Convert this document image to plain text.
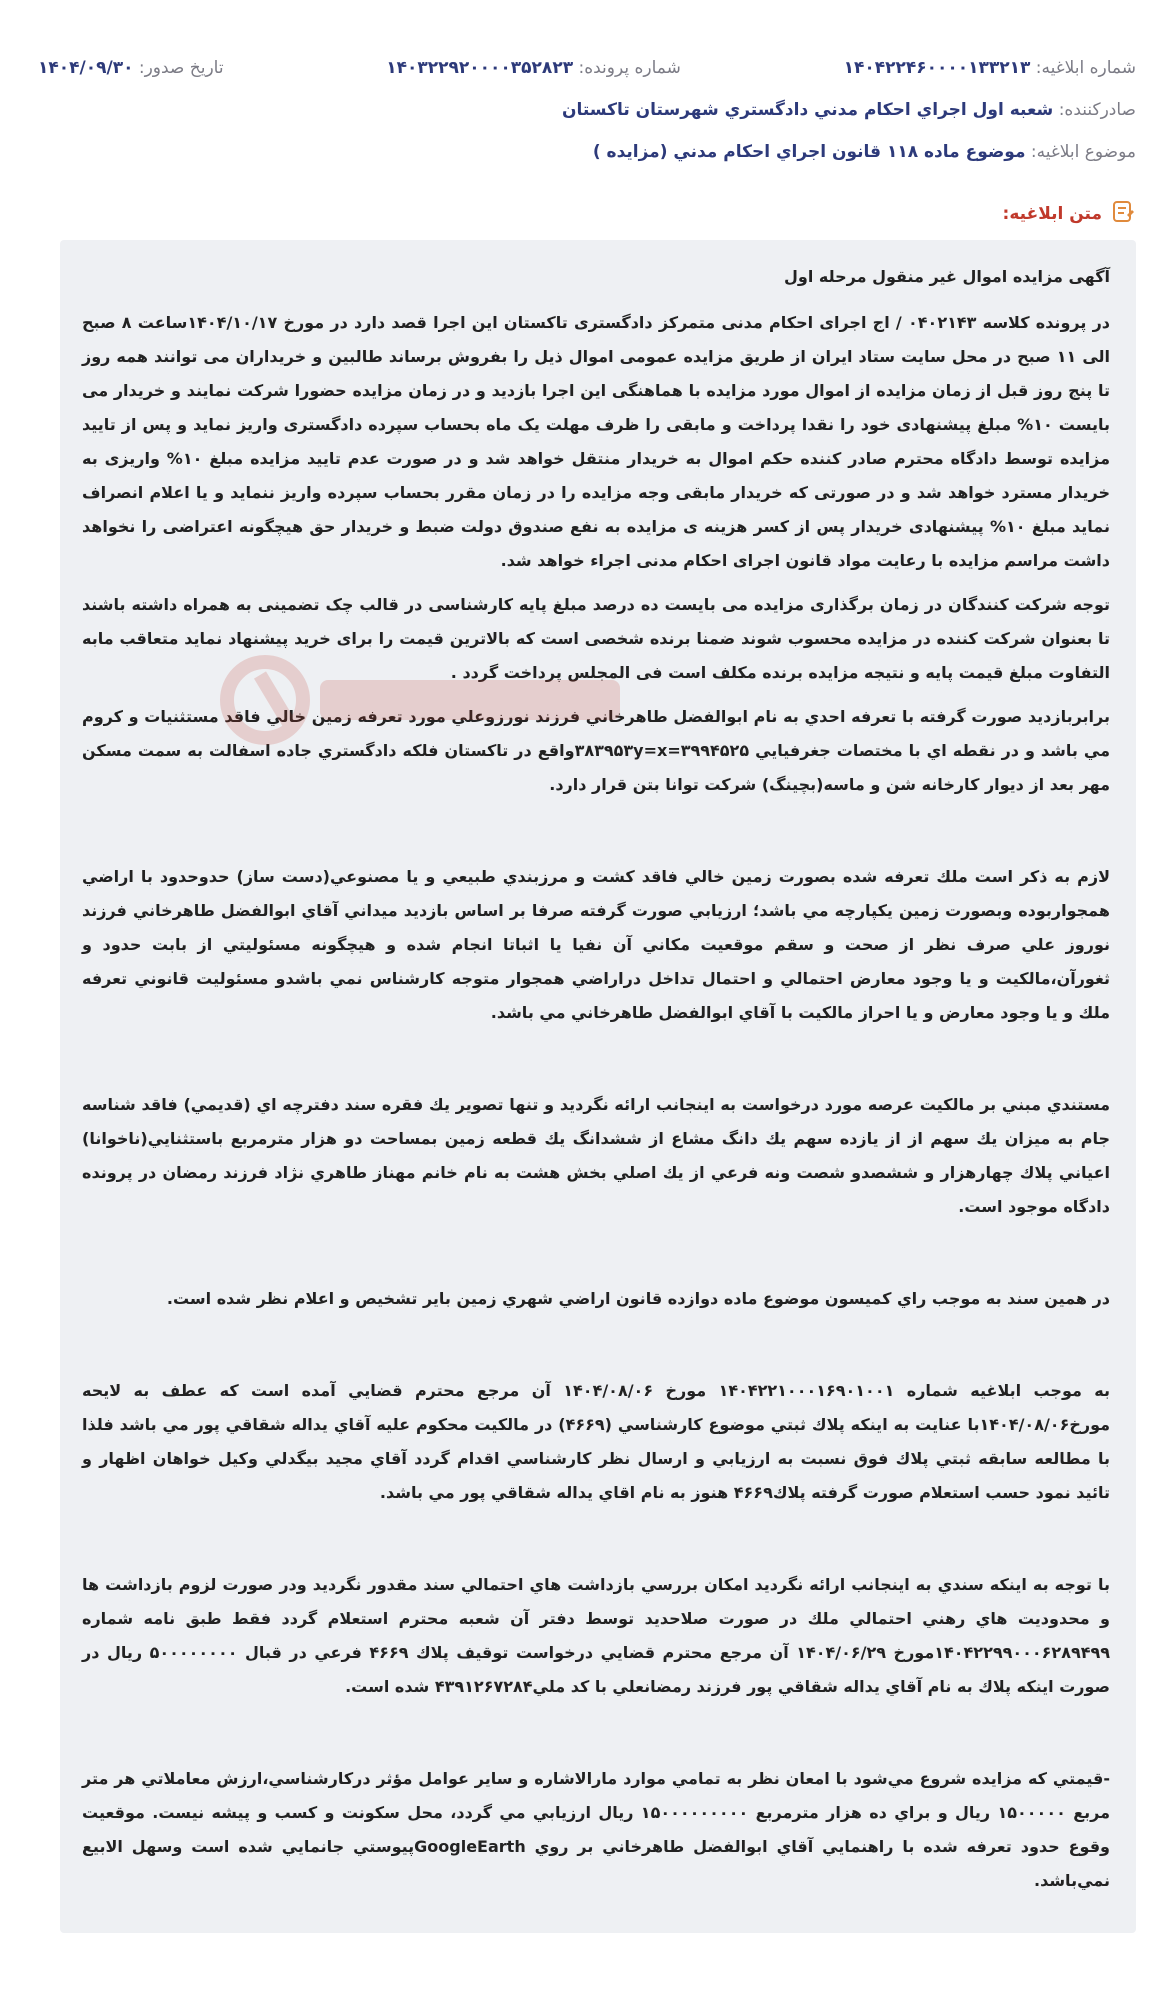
شماره ابلاغیه: ۱۴۰۴۲۲۴۶۰۰۰۰۱۳۳۲۱۳
شماره پرونده: ۱۴۰۳۲۲۹۲۰۰۰۰۳۵۲۸۲۳
تاریخ صدور: ۱۴۰۴/۰۹/۳۰
صادرکننده: شعبه اول اجراي احكام مدني دادگستري شهرستان تاكستان
موضوع ابلاغیه: موضوع ماده ۱۱۸ قانون اجراي احكام مدني (مزايده )
متن ابلاغیه:

آگهی مزایده اموال غیر منقول مرحله اول

در پرونده کلاسه ۰۴۰۲۱۴۳ / اج اجرای احکام مدنی متمرکز دادگستری تاکستان این اجرا قصد دارد در مورخ ۱۴۰۴/۱۰/۱۷ساعت ۸ صبح الی ۱۱ صبح در محل سایت ستاد ایران از طریق مزایده عمومی اموال ذیل را بفروش برساند طالبین و خریداران می توانند همه روز تا پنج روز قبل از زمان مزایده از اموال مورد مزایده با هماهنگی این اجرا بازدید و در زمان مزایده حضورا شرکت نمایند و خریدار می بایست ۱۰% مبلغ پیشنهادی خود را نقدا پرداخت و مابقی را ظرف مهلت یک ماه بحساب سپرده دادگستری واریز نماید و پس از تایید مزایده توسط دادگاه محترم صادر کننده حکم اموال به خریدار منتقل خواهد شد و در صورت عدم تایید مزایده مبلغ ۱۰% واریزی به خریدار مسترد خواهد شد و در صورتی که خریدار مابقی وجه مزایده را در زمان مقرر بحساب سپرده واریز ننماید و یا اعلام انصراف نماید مبلغ ۱۰% پیشنهادی خریدار پس از کسر هزینه ی مزایده به نفع صندوق دولت ضبط و خریدار حق هیچگونه اعتراضی را نخواهد داشت مراسم مزایده با رعایت مواد قانون اجرای احکام مدنی اجراء خواهد شد.

توجه شرکت کنندگان در زمان برگذاری مزایده می بایست ده درصد مبلغ پایه کارشناسی در قالب چک تضمینی به همراه داشته باشند تا بعنوان شرکت کننده در مزایده محسوب شوند ضمنا برنده شخصی است که بالاترین قیمت را برای خرید پیشنهاد نماید متعاقب مابه التفاوت مبلغ قیمت پایه و نتیجه مزایده برنده مکلف است فی المجلس پرداخت گردد .

برابربازديد صورت گرفته با تعرفه احدي به نام ابوالفضل طاهرخاني فرزند نورزوعلي مورد تعرفه زمين خالي فاقد مستثنيات و كروم مي باشد و در نقطه اي با مختصات جغرفيايي ۳۹۹۴۵۲۵=۳۸۳۹۵۳y=xواقع در تاكستان فلكه دادگستري جاده اسفالت به سمت مسكن مهر بعد از ديوار كارخانه شن و ماسه(بچينگ) شركت توانا بتن قرار دارد.

لازم به ذكر است ملك تعرفه شده بصورت زمين خالي فاقد كشت و مرزبندي طبيعي و يا مصنوعي(دست ساز) حدوحدود با اراضي همجواربوده وبصورت زمين يكپارچه مي باشد؛ ارزيابي صورت گرفته صرفا بر اساس بازديد ميداني آقاي ابوالفضل طاهرخاني فرزند نوروز علي صرف نظر از صحت و سقم موقعيت مكاني آن نفيا يا اثباتا انجام شده و هيچگونه مسئوليتي از بابت حدود و ثغورآن،مالكيت و يا وجود معارض احتمالي و احتمال تداخل دراراضي همجوار متوجه كارشناس نمي باشدو مسئوليت قانوني تعرفه ملك و يا وجود معارض و يا احراز مالكيت با آقاي ابوالفضل طاهرخاني مي باشد.

مستندي مبني بر مالكيت عرصه مورد درخواست به اينجانب ارائه نگرديد و تنها تصوير يك فقره سند دفترچه اي (قديمي) فاقد شناسه جام به ميزان يك سهم از از يازده سهم يك دانگ مشاع از ششدانگ يك قطعه زمين بمساحت دو هزار مترمربع باستثنايي(ناخوانا) اعياني پلاك چهارهزار و ششصدو شصت ونه فرعي از يك اصلي بخش هشت به نام خانم مهناز طاهري نژاد فرزند رمضان در پرونده دادگاه موجود است.

در همين سند به موجب راي كميسون موضوع ماده دوازده قانون اراضي شهري زمين باير تشخيص و اعلام نظر شده است.

به موجب ابلاغيه شماره ۱۴۰۴۲۲۱۰۰۰۱۶۹۰۱۰۰۱ مورخ ۱۴۰۴/۰۸/۰۶ آن مرجع محترم قضايي آمده است كه عطف به لايحه مورخ۱۴۰۴/۰۸/۰۶با عنايت به اينكه پلاك ثبتي موضوع كارشناسي (۴۶۶۹) در مالكيت محكوم عليه آقاي يداله شقاقي پور مي باشد فلذا با مطالعه سابقه ثبتي پلاك فوق نسبت به ارزيابي و ارسال نظر كارشناسي اقدام گردد آقاي مجيد بيگدلي وكيل خواهان اظهار و تائيد نمود حسب استعلام صورت گرفته پلاك۴۶۶۹ هنوز به نام اقاي يداله شقاقي پور مي باشد.

با توجه به اينكه سندي به اينجانب ارائه نگرديد امكان بررسي بازداشت هاي احتمالي سند مقدور نگرديد ودر صورت لزوم بازداشت ها و محدوديت هاي رهني احتمالي ملك در صورت صلاحديد توسط دفتر آن شعبه محترم استعلام گردد فقط طبق نامه شماره ۱۴۰۴۲۲۹۹۰۰۰۶۲۸۹۴۹۹مورخ ۱۴۰۴/۰۶/۲۹ آن مرجع محترم قضايي درخواست توقيف پلاك ۴۶۶۹ فرعي در قبال ۵۰۰۰۰۰۰۰۰ ريال در صورت اينكه پلاك به نام آقاي يداله شقاقي پور فرزند رمضانعلي با كد ملي۴۳۹۱۲۶۷۲۸۴ شده است.

-قيمتي كه مزايده شروع مي‌شود با امعان نظر به تمامي موارد مارالاشاره و ساير عوامل مؤثر دركارشناسي،ارزش معاملاتي هر متر مربع ۱۵۰۰۰۰۰ ريال و براي ده هزار مترمربع ۱۵۰۰۰۰۰۰۰۰۰ ريال ارزيابي مي گردد، محل سكونت و كسب و پيشه نيست. موقعيت وقوع حدود تعرفه شده با راهنمايي آقاي ابوالفضل طاهرخاني بر روي GoogleEarthپيوستي جانمايي شده است وسهل الابيع نمي‌باشد.
